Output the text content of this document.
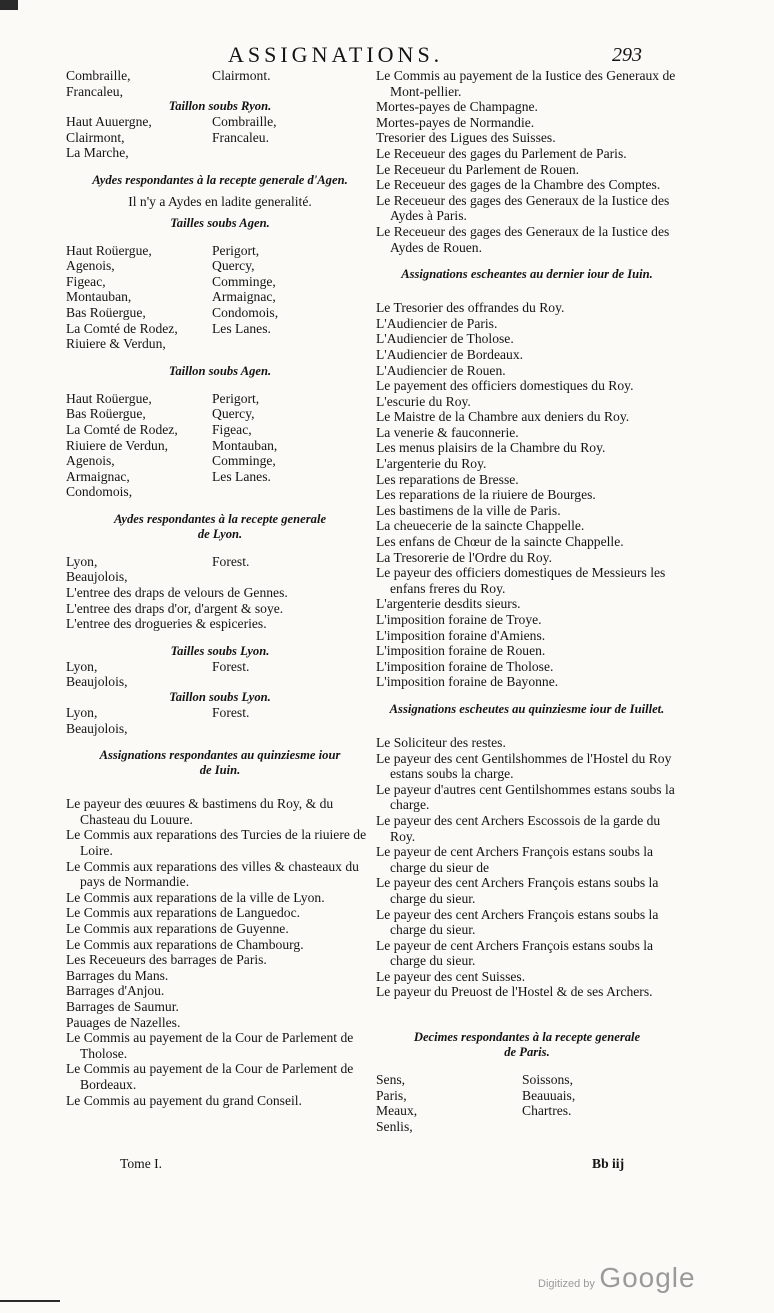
ASSIGNATIONS.	293
Combraille,	Clairmont.
Francaleu,
Taillon soubs Ryon.
Haut Auuergne,	Combraille,
Clairmont,	Francaleu.
La Marche,
Aydes respondantes à la recepte generale d'Agen.
Il n'y a Aydes en ladite generalité.
Tailles soubs Agen.
Haut Roüergue,	Perigort,
Agenois,	Quercy,
Figeac,	Comminge,
Montauban,	Armaignac,
Bas Roüergue,	Condomois,
La Comté de Rodez,	Les Lanes.
Riuiere & Verdun,
Taillon soubs Agen.
Haut Roüergue,	Perigort,
Bas Roüergue,	Quercy,
La Comté de Rodez,	Figeac,
Riuiere de Verdun,	Montauban,
Agenois,	Comminge,
Armaignac,	Les Lanes.
Condomois,
Aydes respondantes à la recepte generale
de Lyon.
Lyon,	Forest.
Beaujolois,
L'entree des draps de velours de Gennes.
L'entree des draps d'or, d'argent & soye.
L'entree des drogueries & espiceries.
Tailles soubs Lyon.
Lyon,	Forest.
Beaujolois,
Taillon soubs Lyon.
Lyon,	Forest.
Beaujolois,
Assignations respondantes au quinziesme iour
de Iuin.
Le payeur des œuures & bastimens du Roy, & du Chasteau du Louure.
Le Commis aux reparations des Turcies de la riuiere de Loire.
Le Commis aux reparations des villes & chasteaux du pays de Normandie.
Le Commis aux reparations de la ville de Lyon.
Le Commis aux reparations de Languedoc.
Le Commis aux reparations de Guyenne.
Le Commis aux reparations de Chambourg.
Les Receueurs des barrages de Paris.
Barrages du Mans.
Barrages d'Anjou.
Barrages de Saumur.
Pauages de Nazelles.
Le Commis au payement de la Cour de Parlement de Tholose.
Le Commis au payement de la Cour de Parlement de Bordeaux.
Le Commis au payement du grand Conseil.
Le Commis au payement de la Iustice des Generaux de Mont-pellier.
Mortes-payes de Champagne.
Mortes-payes de Normandie.
Tresorier des Ligues des Suisses.
Le Receueur des gages du Parlement de Paris.
Le Receueur du Parlement de Rouen.
Le Receueur des gages de la Chambre des Comptes.
Le Receueur des gages des Generaux de la Iustice des Aydes à Paris.
Le Receueur des gages des Generaux de la Iustice des Aydes de Rouen.
Assignations escheantes au dernier iour de Iuin.
Le Tresorier des offrandes du Roy.
L'Audiencier de Paris.
L'Audiencier de Tholose.
L'Audiencier de Bordeaux.
L'Audiencier de Rouen.
Le payement des officiers domestiques du Roy.
L'escurie du Roy.
Le Maistre de la Chambre aux deniers du Roy.
La venerie & fauconnerie.
Les menus plaisirs de la Chambre du Roy.
L'argenterie du Roy.
Les reparations de Bresse.
Les reparations de la riuiere de Bourges.
Les bastimens de la ville de Paris.
La cheuecerie de la saincte Chappelle.
Les enfans de Chœur de la saincte Chappelle.
La Tresorerie de l'Ordre du Roy.
Le payeur des officiers domestiques de Messieurs les enfans freres du Roy.
L'argenterie desdits sieurs.
L'imposition foraine de Troye.
L'imposition foraine d'Amiens.
L'imposition foraine de Rouen.
L'imposition foraine de Tholose.
L'imposition foraine de Bayonne.
Assignations escheutes au quinziesme iour de Iuillet.
Le Soliciteur des restes.
Le payeur des cent Gentilshommes de l'Hostel du Roy estans soubs la charge.
Le payeur d'autres cent Gentilshommes estans soubs la charge.
Le payeur des cent Archers Escossois de la garde du Roy.
Le payeur de cent Archers François estans soubs la charge du sieur de
Le payeur des cent Archers François estans soubs la charge du sieur.
Le payeur des cent Archers François estans soubs la charge du sieur.
Le payeur de cent Archers François estans soubs la charge du sieur.
Le payeur des cent Suisses.
Le payeur du Preuost de l'Hostel & de ses Archers.
Decimes respondantes à la recepte generale
de Paris.
Sens,	Soissons,
Paris,	Beauuais,
Meaux,	Chartres.
Senlis,
Tome I.	Bb iij
Digitized by Google
